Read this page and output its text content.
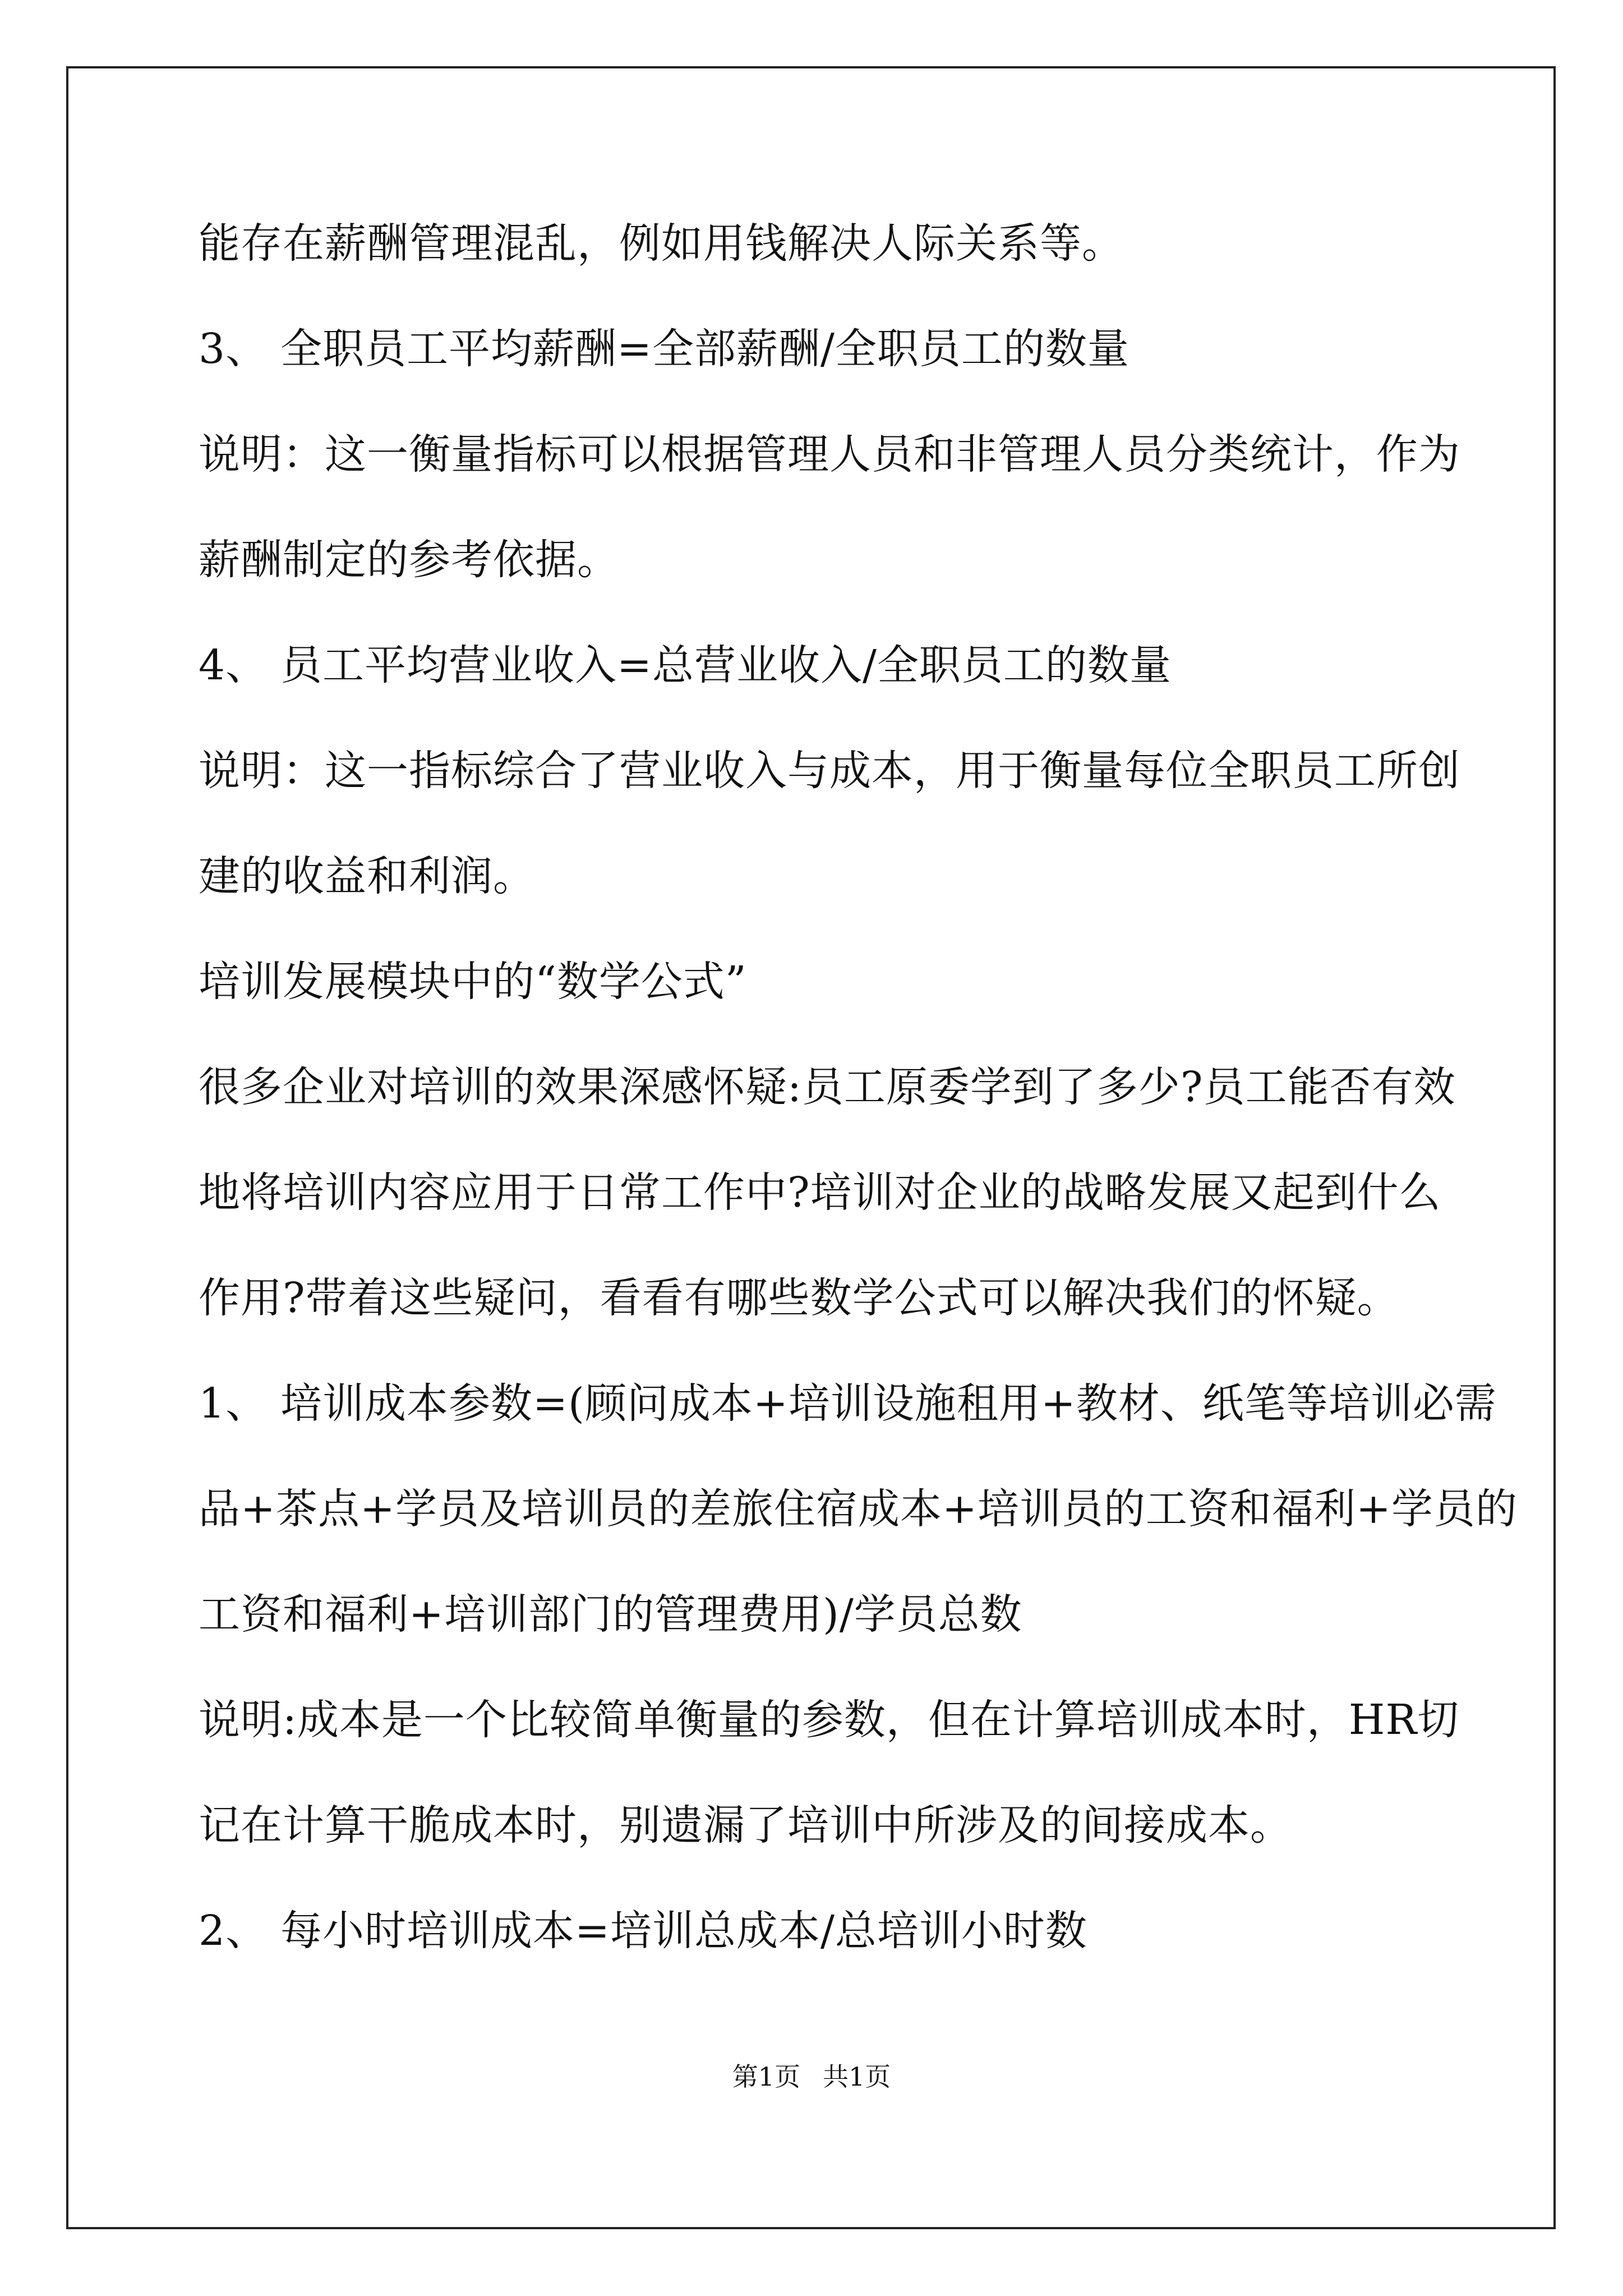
能存在薪酬管理混乱，例如用钱解决人际关系等。

3、 全职员工平均薪酬=全部薪酬/全职员工的数量

说明：这一衡量指标可以根据管理人员和非管理人员分类统计，作为

薪酬制定的参考依据。

4、 员工平均营业收入=总营业收入/全职员工的数量

说明：这一指标综合了营业收入与成本，用于衡量每位全职员工所创

建的收益和利润。

培训发展模块中的“数学公式”

很多企业对培训的效果深感怀疑:员工原委学到了多少?员工能否有效

地将培训内容应用于日常工作中?培训对企业的战略发展又起到什么

作用?带着这些疑问，看看有哪些数学公式可以解决我们的怀疑。

1、 培训成本参数=(顾问成本+培训设施租用+教材、纸笔等培训必需

品+茶点+学员及培训员的差旅住宿成本+培训员的工资和福利+学员的

工资和福利+培训部门的管理费用)/学员总数

说明:成本是一个比较简单衡量的参数，但在计算培训成本时，HR切

记在计算干脆成本时，别遗漏了培训中所涉及的间接成本。

2、 每小时培训成本=培训总成本/总培训小时数

第1页 共1页
